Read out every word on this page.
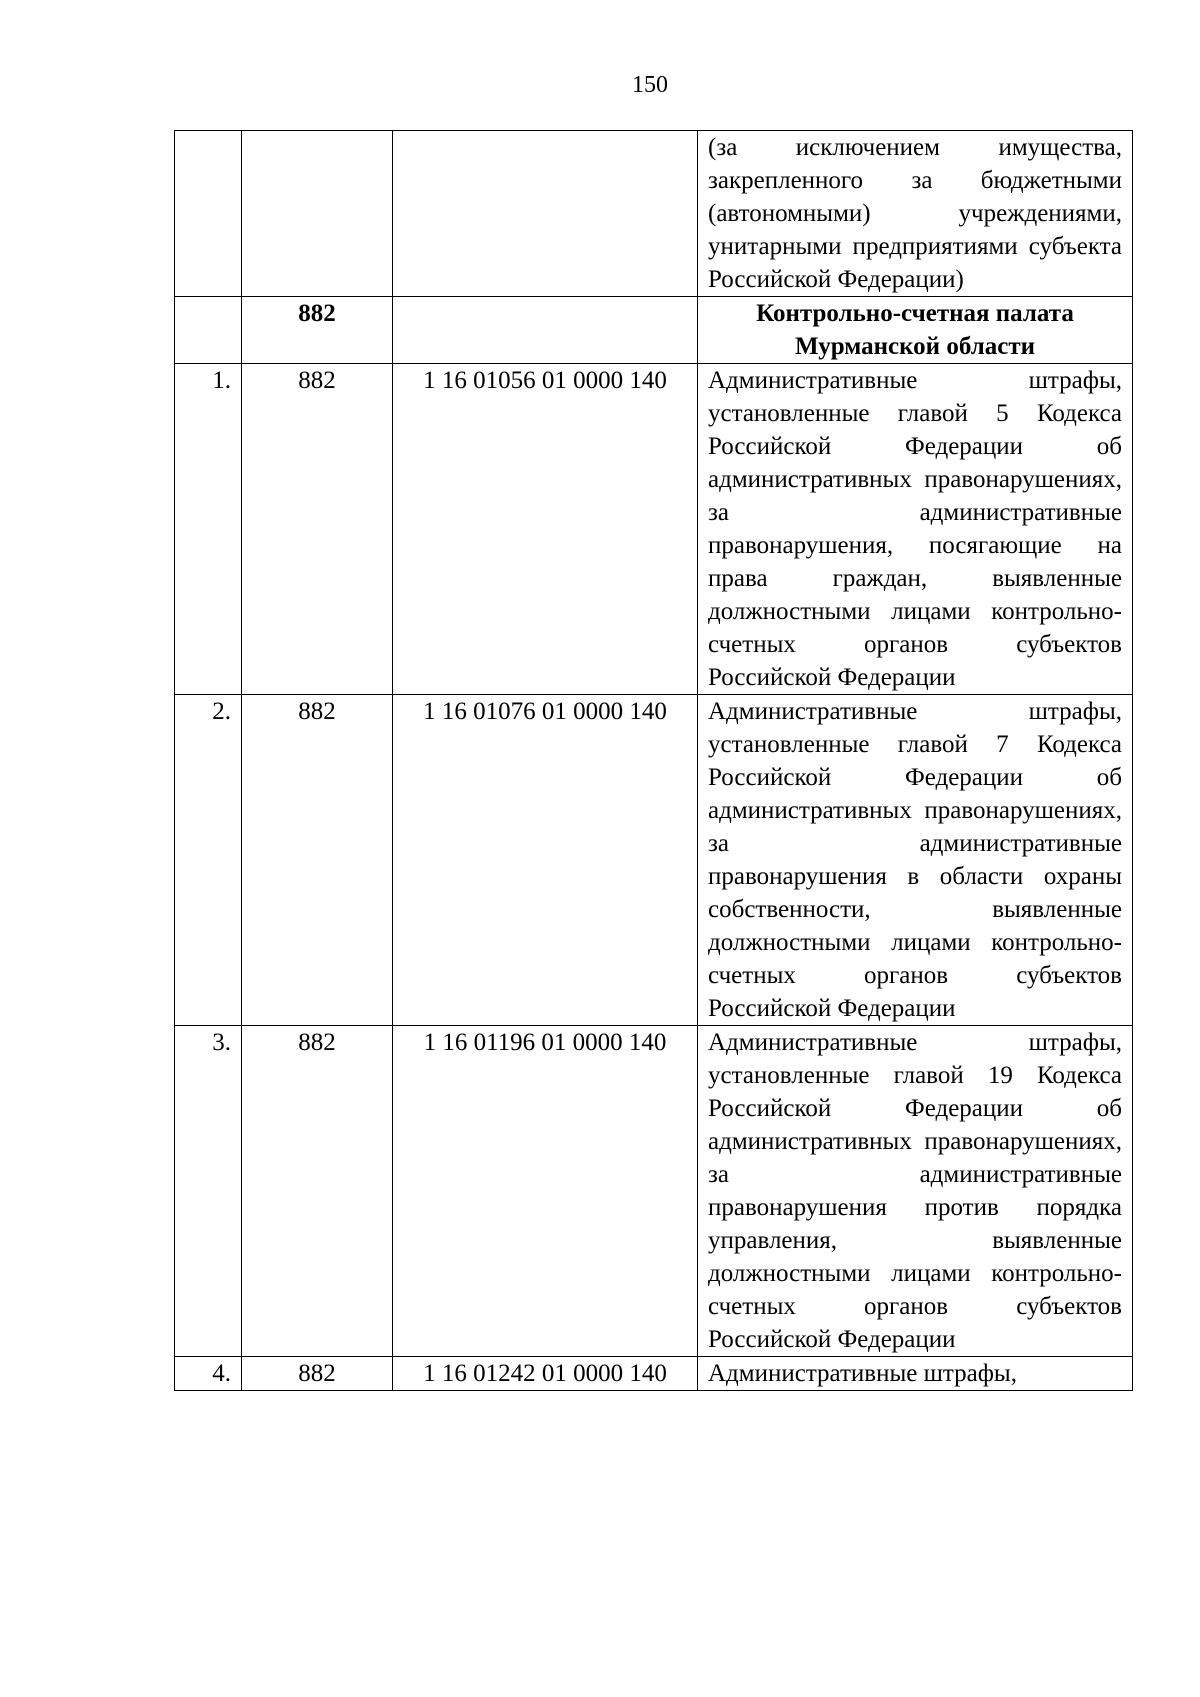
150
			(за исключением имущества, закрепленного за бюджетными (автономными) учреждениями, унитарными предприятиями субъекта Российской Федерации)
	882		Контрольно-счетная палата Мурманской области
1.	882	1 16 01056 01 0000 140	Административные штрафы, установленные главой 5 Кодекса Российской Федерации об административных правонарушениях, за административные правонарушения, посягающие на права граждан, выявленные должностными лицами контрольно-счетных органов субъектов Российской Федерации
2.	882	1 16 01076 01 0000 140	Административные штрафы, установленные главой 7 Кодекса Российской Федерации об административных правонарушениях, за административные правонарушения в области охраны собственности, выявленные должностными лицами контрольно-счетных органов субъектов Российской Федерации
3.	882	1 16 01196 01 0000 140	Административные штрафы, установленные главой 19 Кодекса Российской Федерации об административных правонарушениях, за административные правонарушения против порядка управления, выявленные должностными лицами контрольно-счетных органов субъектов Российской Федерации
4.	882	1 16 01242 01 0000 140	Административные штрафы,
